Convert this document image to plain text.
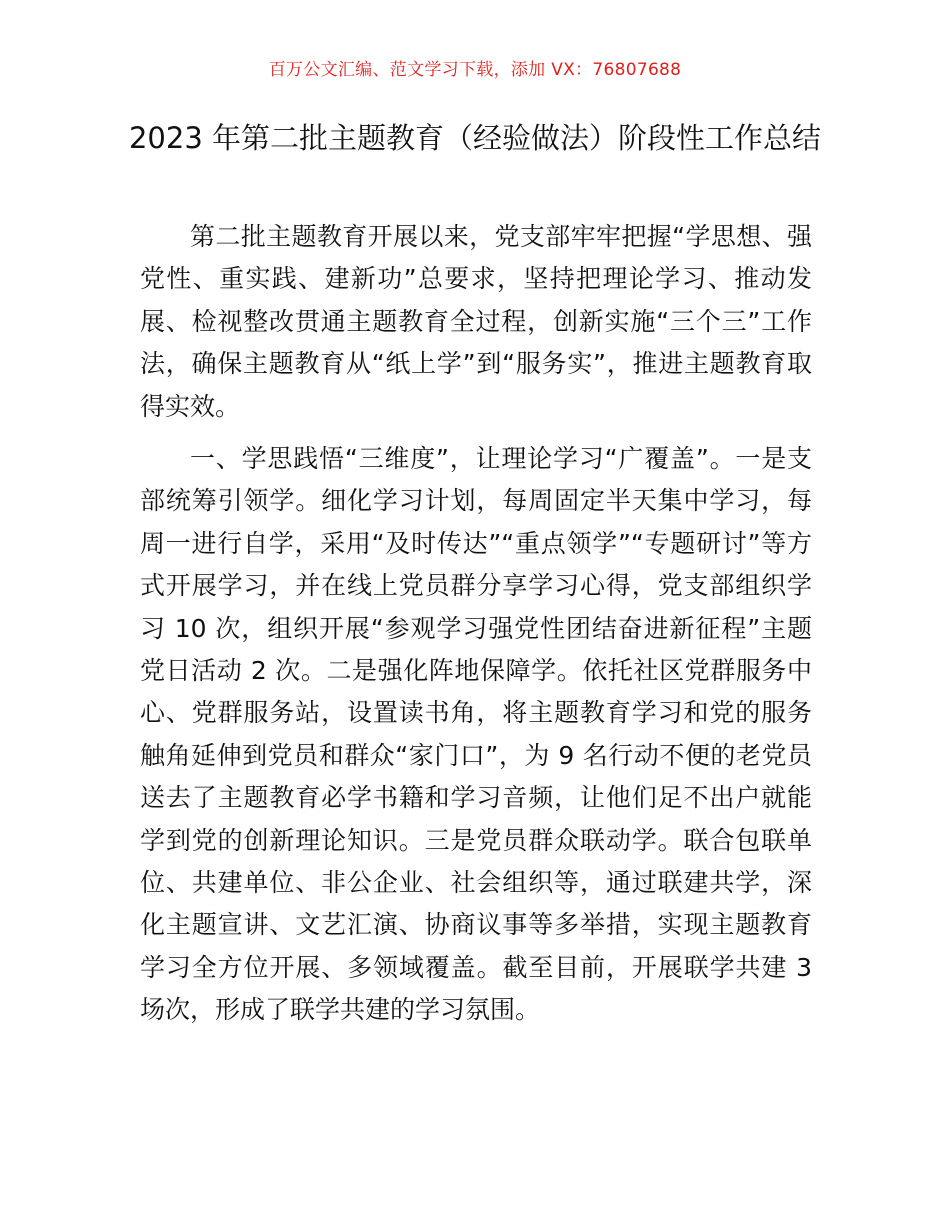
百万公文汇编、范文学习下载，添加 VX：76807688
2023 年第二批主题教育（经验做法）阶段性工作总结

第二批主题教育开展以来，党支部牢牢把握“学思想、强党性、重实践、建新功”总要求，坚持把理论学习、推动发展、检视整改贯通主题教育全过程，创新实施“三个三”工作法，确保主题教育从“纸上学”到“服务实”，推进主题教育取得实效。

一、学思践悟“三维度”，让理论学习“广覆盖”。一是支部统筹引领学。细化学习计划，每周固定半天集中学习，每周一进行自学，采用“及时传达”“重点领学”“专题研讨”等方式开展学习，并在线上党员群分享学习心得，党支部组织学习 10 次，组织开展“参观学习强党性团结奋进新征程”主题党日活动 2 次。二是强化阵地保障学。依托社区党群服务中心、党群服务站，设置读书角，将主题教育学习和党的服务触角延伸到党员和群众“家门口”，为 9 名行动不便的老党员送去了主题教育必学书籍和学习音频，让他们足不出户就能学到党的创新理论知识。三是党员群众联动学。联合包联单位、共建单位、非公企业、社会组织等，通过联建共学，深化主题宣讲、文艺汇演、协商议事等多举措，实现主题教育学习全方位开展、多领域覆盖。截至目前，开展联学共建 3 场次，形成了联学共建的学习氛围。
